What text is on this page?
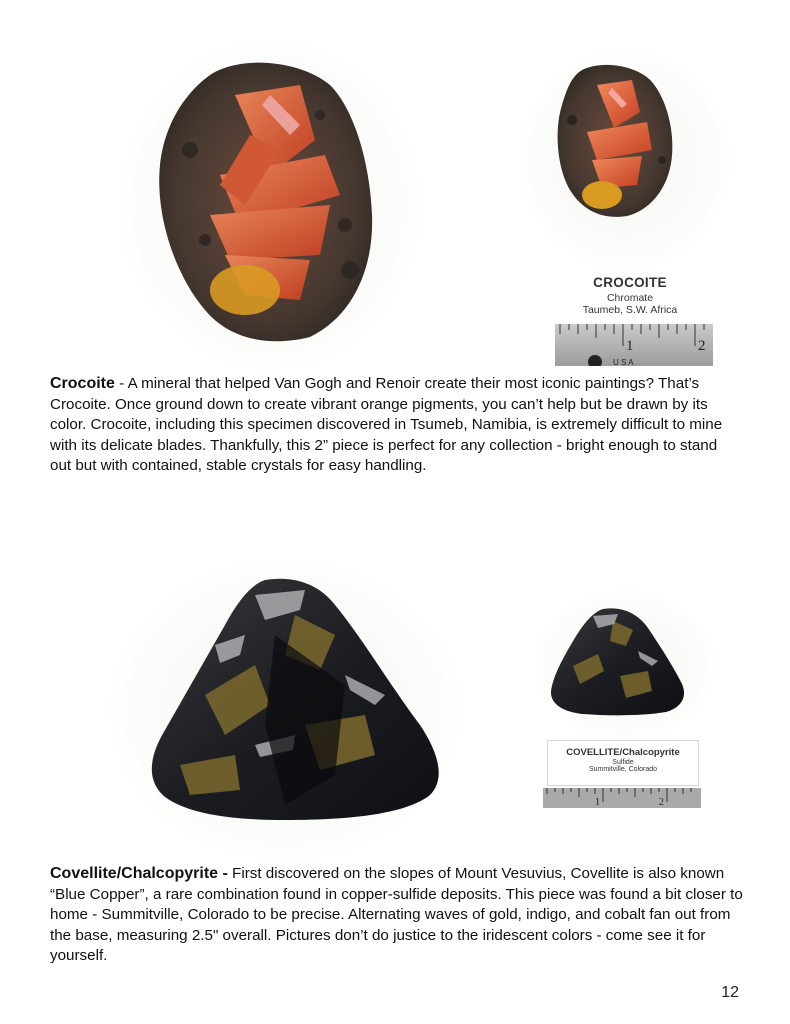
CROCOITE
Chromate
Taumeb, S.W. Africa
1	2
U S A

Crocoite - A mineral that helped Van Gogh and Renoir create their most iconic paintings? That’s Crocoite. Once ground down to create vibrant orange pigments, you can’t help but be drawn by its color. Crocoite, including this specimen discovered in Tsumeb, Namibia, is extremely difficult to mine with its delicate blades. Thankfully, this 2” piece is perfect for any collection - bright enough to stand out but with contained, stable crystals for easy handling.

COVELLITE/Chalcopyrite
Sulfide
Summitville, Colorado
1	2

Covellite/Chalcopyrite - First discovered on the slopes of Mount Vesuvius, Covellite is also known “Blue Copper”, a rare combination found in copper-sulfide deposits. This piece was found a bit closer to home - Summitville, Colorado to be precise. Alternating waves of gold, indigo, and cobalt fan out from the base, measuring 2.5" overall. Pictures don’t do justice to the iridescent colors - come see it for yourself.

12
